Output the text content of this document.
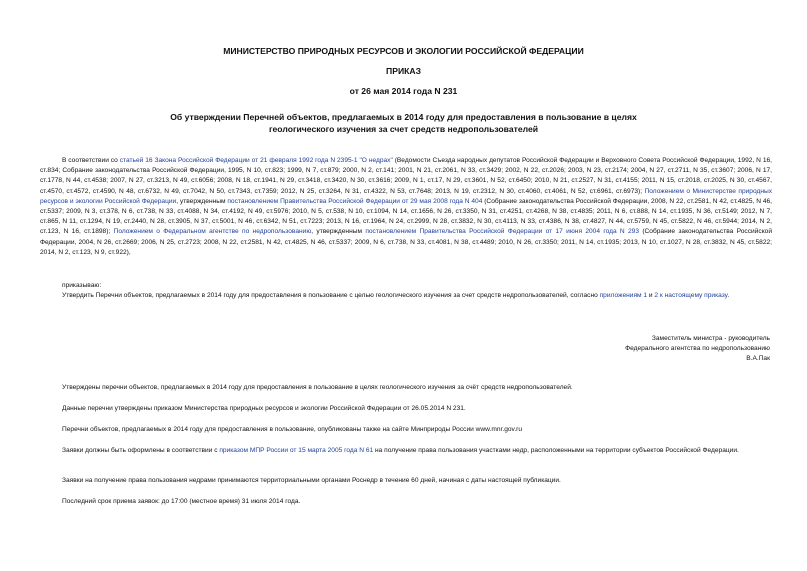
МИНИСТЕРСТВО ПРИРОДНЫХ РЕСУРСОВ И ЭКОЛОГИИ РОССИЙСКОЙ ФЕДЕРАЦИИ
ПРИКАЗ
от 26 мая 2014 года N 231
Об утверждении Перечней объектов, предлагаемых в 2014 году для предоставления в пользование в целях геологического изучения за счет средств недропользователей
В соответствии со статьей 16 Закона Российской Федерации от 21 февраля 1992 года N 2395-1 "О недрах" (Ведомости Съезда народных депутатов Российской Федерации и Верховного Совета Российской Федерации, 1992, N 16, ст.834; Собрание законодательства Российской Федерации, 1995, N 10, ст.823; 1999, N 7, ст.879; 2000, N 2, ст.141; 2001, N 21, ст.2061, N 33, ст.3429; 2002, N 22, ст.2026; 2003, N 23, ст.2174; 2004, N 27, ст.2711, N 35, ст.3607; 2006, N 17, ст.1778, N 44, ст.4538; 2007, N 27, ст.3213, N 49, ст.6056; 2008, N 18, ст.1941, N 29, ст.3418, ст.3420, N 30, ст.3616; 2009, N 1, ст.17, N 29, ст.3601, N 52, ст.6450; 2010, N 21, ст.2527, N 31, ст.4155; 2011, N 15, ст.2018, ст.2025, N 30, ст.4567, ст.4570, ст.4572, ст.4590, N 48, ст.6732, N 49, ст.7042, N 50, ст.7343, ст.7359; 2012, N 25, ст.3264, N 31, ст.4322, N 53, ст.7648; 2013, N 19, ст.2312, N 30, ст.4060, ст.4061, N 52, ст.6961, ст.6973); Положением о Министерстве природных ресурсов и экологии Российской Федерации, утвержденным постановлением Правительства Российской Федерации от 29 мая 2008 года N 404 (Собрание законодательства Российской Федерации, 2008, N 22, ст.2581, N 42, ст.4825, N 46, ст.5337; 2009, N 3, ст.378, N 6, ст.738, N 33, ст.4088, N 34, ст.4192, N 49, ст.5976; 2010, N 5, ст.538, N 10, ст.1094, N 14, ст.1656, N 26, ст.3350, N 31, ст.4251, ст.4268, N 38, ст.4835; 2011, N 6, ст.888, N 14, ст.1935, N 36, ст.5149; 2012, N 7, ст.865, N 11, ст.1294, N 19, ст.2440, N 28, ст.3905, N 37, ст.5001, N 46, ст.6342, N 51, ст.7223; 2013, N 16, ст.1964, N 24, ст.2999, N 28, ст.3832, N 30, ст.4113, N 33, ст.4386, N 38, ст.4827, N 44, ст.5759, N 45, ст.5822, N 46, ст.5944; 2014, N 2, ст.123, N 16, ст.1898); Положением о Федеральном агентстве по недропользованию, утвержденным постановлением Правительства Российской Федерации от 17 июня 2004 года N 293 (Собрание законодательства Российской Федерации, 2004, N 26, ст.2669; 2006, N 25, ст.2723; 2008, N 22, ст.2581, N 42, ст.4825, N 46, ст.5337; 2009, N 6, ст.738, N 33, ст.4081, N 38, ст.4489; 2010, N 26, ст.3350; 2011, N 14, ст.1935; 2013, N 10, ст.1027, N 28, ст.3832, N 45, ст.5822; 2014, N 2, ст.123, N 9, ст.922),
приказываю:
Утвердить Перечни объектов, предлагаемых в 2014 году для предоставления в пользование с целью геологического изучения за счет средств недропользователей, согласно приложениям 1 и 2 к настоящему приказу.
Заместитель министра - руководитель
Федерального агентства по недропользованию
В.А.Пак
Утверждены перечни объектов, предлагаемых в 2014 году для предоставления в пользование в целях геологического изучения за счёт средств недропользователей.
Данные перечни утверждены приказом Министерства природных ресурсов и экологии Российской Федерации от 26.05.2014 N 231.
Перечни объектов, предлагаемых в 2014 году для предоставления в пользование, опубликованы также на сайте Минприроды России www.mnr.gov.ru
Заявки должны быть оформлены в соответствии с приказом МПР России от 15 марта 2005 года N 61 на получение права пользования участками недр, расположенными на территории субъектов Российской Федерации.
Заявки на получение права пользования недрами принимаются территориальными органами Роснедр в течение 60 дней, начиная с даты настоящей публикации.
Последний срок приема заявок: до 17:00 (местное время) 31 июля 2014 года.
